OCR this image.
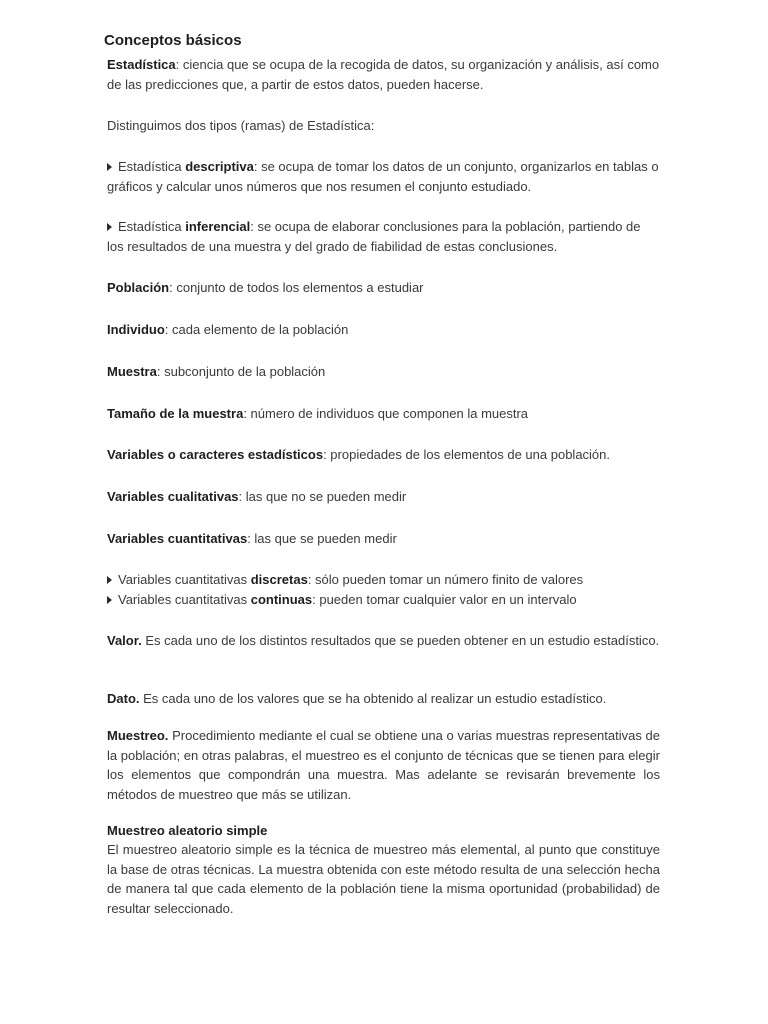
Conceptos básicos

Estadística: ciencia que se ocupa de la recogida de datos, su organización y análisis, así como de las predicciones que, a partir de estos datos, pueden hacerse.

Distinguimos dos tipos (ramas) de Estadística:

Estadística descriptiva: se ocupa de tomar los datos de un conjunto, organizarlos en tablas o gráficos y calcular unos números que nos resumen el conjunto estudiado.

Estadística inferencial: se ocupa de elaborar conclusiones para la población, partiendo de los resultados de una muestra y del grado de fiabilidad de estas conclusiones.

Población: conjunto de todos los elementos a estudiar

Individuo: cada elemento de la población

Muestra: subconjunto de la población

Tamaño de la muestra: número de individuos que componen la muestra

Variables o caracteres estadísticos: propiedades de los elementos de una población.

Variables cualitativas: las que no se pueden medir

Variables cuantitativas: las que se pueden medir

Variables cuantitativas discretas: sólo pueden tomar un número finito de valores

Variables cuantitativas continuas: pueden tomar cualquier valor en un intervalo

Valor. Es cada uno de los distintos resultados que se pueden obtener en un estudio estadístico.

Dato. Es cada uno de los valores que se ha obtenido al realizar un estudio estadístico.

Muestreo. Procedimiento mediante el cual se obtiene una o varias muestras representativas de la población; en otras palabras, el muestreo es el conjunto de técnicas que se tienen para elegir los elementos que compondrán una muestra. Mas adelante se revisarán brevemente los métodos de muestreo que más se utilizan.

Muestreo aleatorio simple

El muestreo aleatorio simple es la técnica de muestreo más elemental, al punto que constituye la base de otras técnicas. La muestra obtenida con este método resulta de una selección hecha de manera tal que cada elemento de la población tiene la misma oportunidad (probabilidad) de resultar seleccionado.
